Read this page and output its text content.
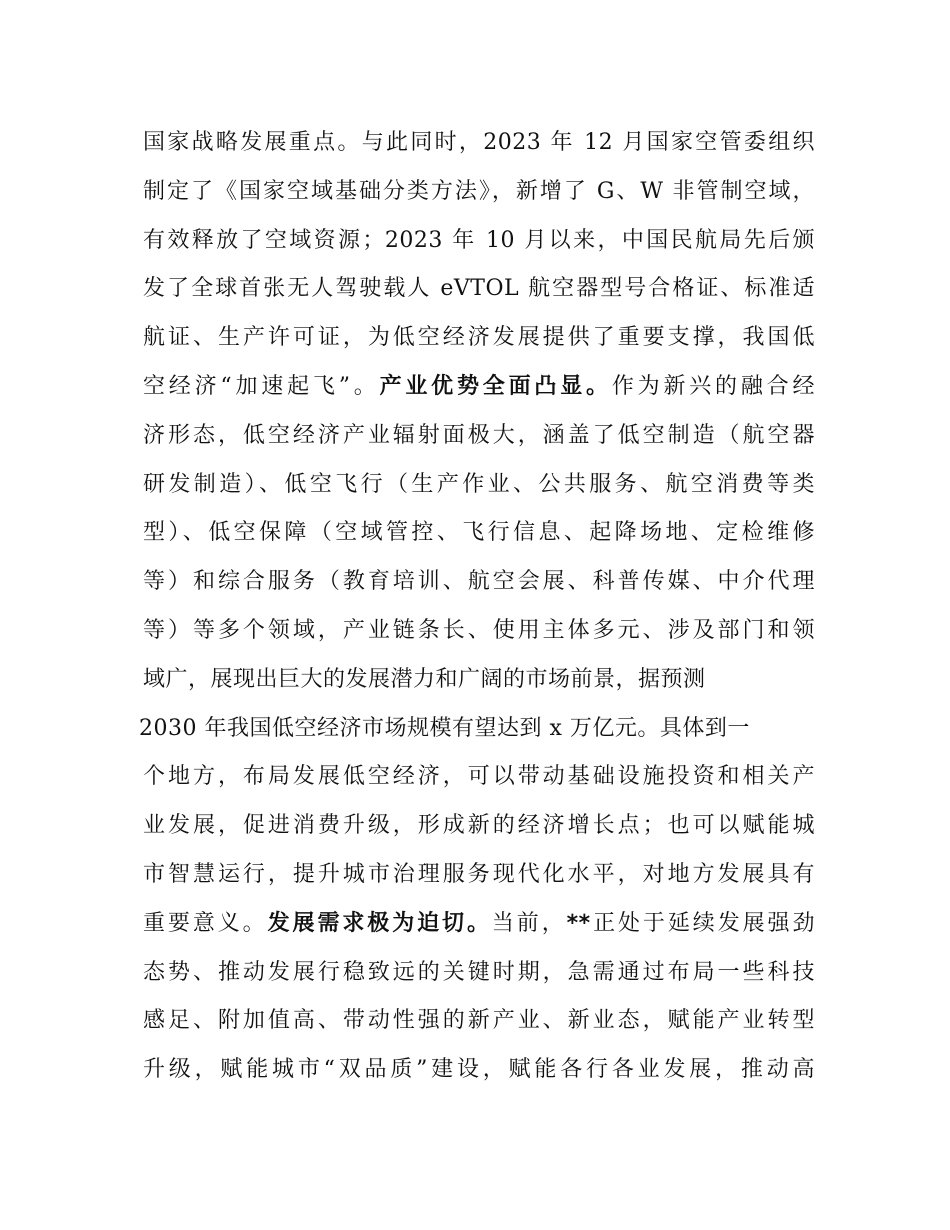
国家战略发展重点。与此同时，2023 年 12 月国家空管委组织
制定了《国家空域基础分类方法》，新增了 G、W 非管制空域，
有效释放了空域资源；2023 年 10 月以来，中国民航局先后颁
发了全球首张无人驾驶载人 eVTOL 航空器型号合格证、标准适
航证、生产许可证，为低空经济发展提供了重要支撑，我国低
空经济“加速起飞”。产业优势全面凸显。作为新兴的融合经
济形态，低空经济产业辐射面极大，涵盖了低空制造（航空器
研发制造）、低空飞行（生产作业、公共服务、航空消费等类
型）、低空保障（空域管控、飞行信息、起降场地、定检维修
等）和综合服务（教育培训、航空会展、科普传媒、中介代理
等）等多个领域，产业链条长、使用主体多元、涉及部门和领
域广，展现出巨大的发展潜力和广阔的市场前景，据预测
2030 年我国低空经济市场规模有望达到 x 万亿元。具体到一
个地方，布局发展低空经济，可以带动基础设施投资和相关产
业发展，促进消费升级，形成新的经济增长点；也可以赋能城
市智慧运行，提升城市治理服务现代化水平，对地方发展具有
重要意义。发展需求极为迫切。当前，**正处于延续发展强劲
态势、推动发展行稳致远的关键时期，急需通过布局一些科技
感足、附加值高、带动性强的新产业、新业态，赋能产业转型
升级，赋能城市“双品质”建设，赋能各行各业发展，推动高
